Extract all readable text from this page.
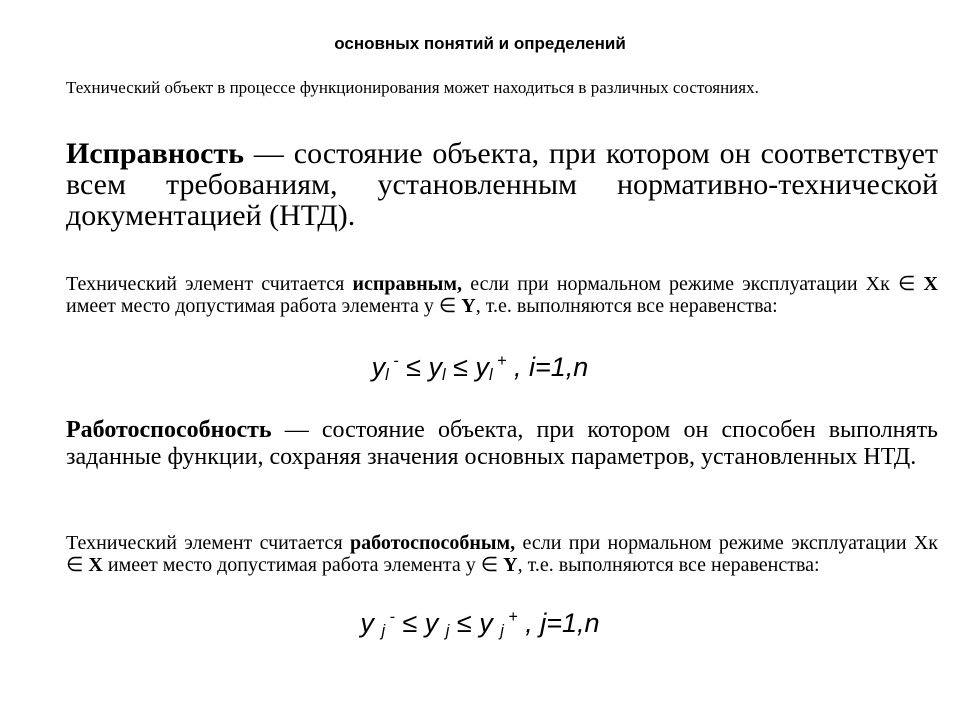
основных понятий и определений
Технический объект в процессе функционирования может находиться в различных состояниях.
Исправность — состояние объекта, при котором он соответствует всем требованиям, установленным нормативно-технической документацией (НТД).
Технический элемент считается исправным, если при нормальном режиме эксплуатации Хк ∈ X имеет место допустимая работа элемента y ∈ Y, т.е. выполняются все неравенства:
$y_l$ $^- \le y_l \le y_l$ + , i=1,n
Работоспособность — состояние объекта, при котором он способен выполнять заданные функции, сохраняя значения основных параметров, установленных НТД.
Технический элемент считается работоспособным, если при нормальном режиме эксплуатации Хк ∈ X имеет место допустимая работа элемента y ∈ Y, т.е. выполняются все неравенства:
y $_j$ - ≤ y $_j$ ≤ y $_j$ + , j=1,n
